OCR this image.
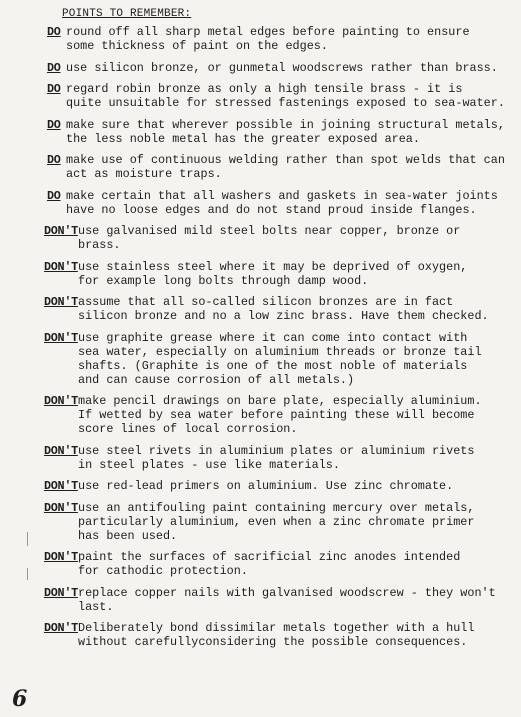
POINTS TO REMEMBER:
DO round off all sharp metal edges before painting to ensure
some thickness of paint on the edges.
DO use silicon bronze, or gunmetal woodscrews rather than brass.
DO regard robin bronze as only a high tensile brass - it is
quite unsuitable for stressed fastenings exposed to sea-water.
DO make sure that wherever possible in joining structural metals,
the less noble metal has the greater exposed area.
DO make use of continuous welding rather than spot welds that can
act as moisture traps.
DO make certain that all washers and gaskets in sea-water joints
have no loose edges and do not stand proud inside flanges.
DON'T use galvanised mild steel bolts near copper, bronze or
brass.
DON'T use stainless steel where it may be deprived of oxygen,
for example long bolts through damp wood.
DON'T assume that all so-called silicon bronzes are in fact
silicon bronze and no a low zinc brass. Have them checked.
DON'T use graphite grease where it can come into contact with
sea water, especially on aluminium threads or bronze tail
shafts. (Graphite is one of the most noble of materials
and can cause corrosion of all metals.)
DON'T make pencil drawings on bare plate, especially aluminium.
If wetted by sea water before painting these will become
score lines of local corrosion.
DON'T use steel rivets in aluminium plates or aluminium rivets
in steel plates - use like materials.
DON'T use red-lead primers on aluminium. Use zinc chromate.
DON'T use an antifouling paint containing mercury over metals,
particularly aluminium, even when a zinc chromate primer
has been used.
DON'T paint the surfaces of sacrificial zinc anodes intended
for cathodic protection.
DON'T replace copper nails with galvanised woodscrew - they won't
last.
DON'T Deliberately bond dissimilar metals together with a hull
without carefullyconsidering the possible consequences.
6
